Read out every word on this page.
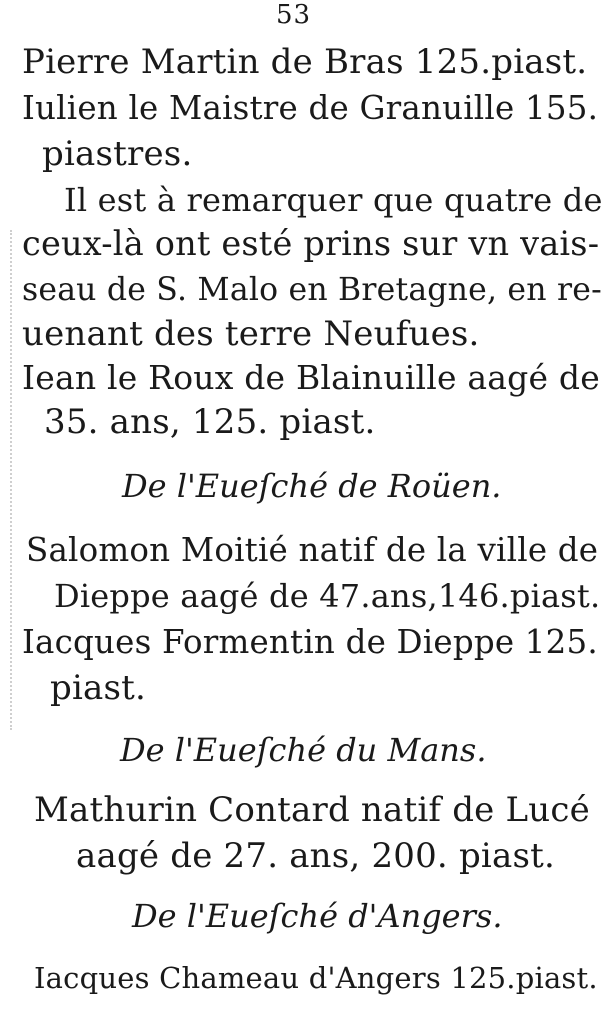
53
Pierre Martin de Bras 125.piast.
Iulien le Maistre de Granuille 155.
piastres.
Il est à remarquer que quatre de
ceux-là ont esté prins sur vn vais-
seau de S. Malo en Bretagne, en re-
uenant des terre Neufues.
Iean le Roux de Blainuille aagé de
35. ans, 125. piast.
De l'Eueſché de Roüen.
Salomon Moitié natif de la ville de
Dieppe aagé de 47.ans,146.piast.
Iacques Formentin de Dieppe 125.
piast.
De l'Eueſché du Mans.
Mathurin Contard natif de Lucé
aagé de 27. ans, 200. piast.
De l'Eueſché d'Angers.
Iacques Chameau d'Angers 125.piast.
